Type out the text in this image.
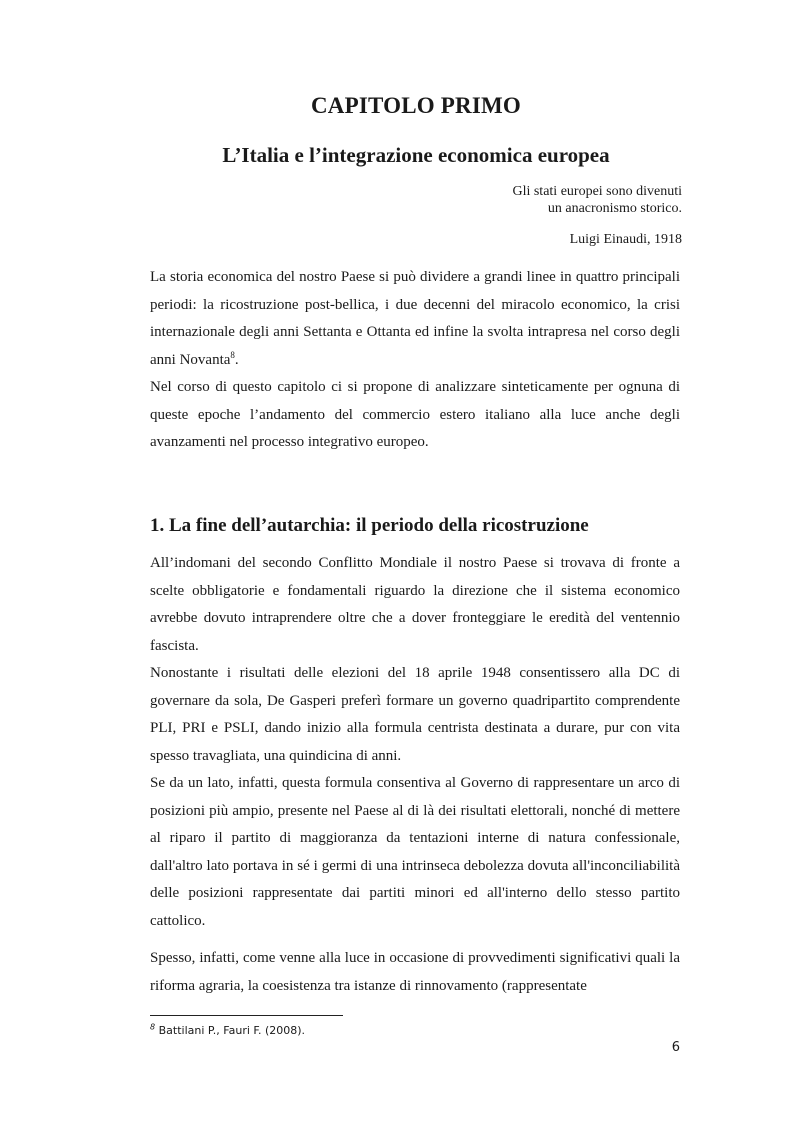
CAPITOLO PRIMO
L’Italia e l’integrazione economica europea
Gli stati europei sono divenuti
un anacronismo storico.
Luigi Einaudi, 1918

La storia economica del nostro Paese si può dividere a grandi linee in quattro principali periodi: la ricostruzione post-bellica, i due decenni del miracolo economico, la crisi internazionale degli anni Settanta e Ottanta ed infine la svolta intrapresa nel corso degli anni Novanta$^8$.

Nel corso di questo capitolo ci si propone di analizzare sinteticamente per ognuna di queste epoche l’andamento del commercio estero italiano alla luce anche degli avanzamenti nel processo integrativo europeo.

1. La fine dell’autarchia: il periodo della ricostruzione

All’indomani del secondo Conflitto Mondiale il nostro Paese si trovava di fronte a scelte obbligatorie e fondamentali riguardo la direzione che il sistema economico avrebbe dovuto intraprendere oltre che a dover fronteggiare le eredità del ventennio fascista.

Nonostante i risultati delle elezioni del 18 aprile 1948 consentissero alla DC di governare da sola, De Gasperi preferì formare un governo quadripartito comprendente PLI, PRI e PSLI, dando inizio alla formula centrista destinata a durare, pur con vita spesso travagliata, una quindicina di anni.

Se da un lato, infatti, questa formula consentiva al Governo di rappresentare un arco di posizioni più ampio, presente nel Paese al di là dei risultati elettorali, nonché di mettere al riparo il partito di maggioranza da tentazioni interne di natura confessionale, dall'altro lato portava in sé i germi di una intrinseca debolezza dovuta all'inconciliabilità delle posizioni rappresentate dai partiti minori ed all'interno dello stesso partito cattolico.

Spesso, infatti, come venne alla luce in occasione di provvedimenti significativi quali la riforma agraria, la coesistenza tra istanze di rinnovamento (rappresentate

$^8$ Battilani P., Fauri F. (2008).
6
